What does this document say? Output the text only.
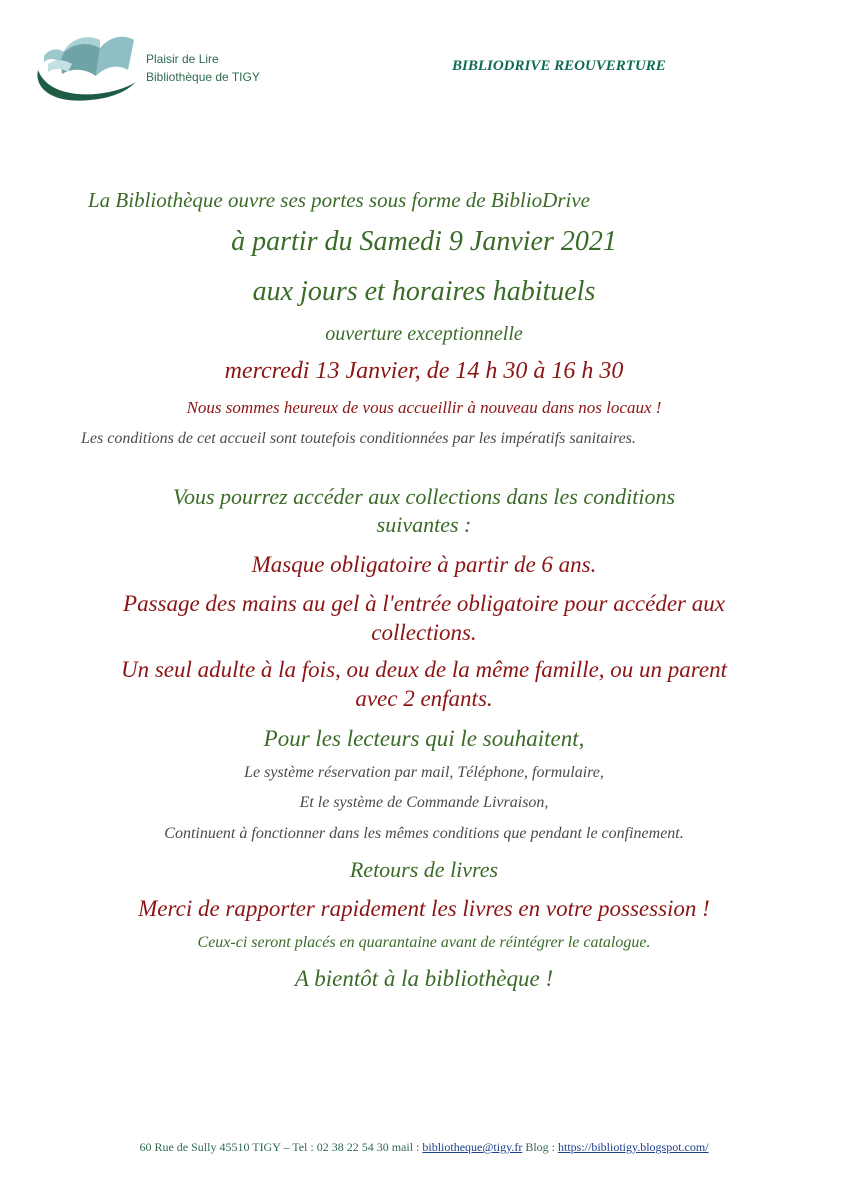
Plaisir de Lire
Bibliothèque de TIGY
BIBLIODRIVE REOUVERTURE
La Bibliothèque ouvre ses portes sous forme de BiblioDrive
à partir du Samedi 9 Janvier 2021
aux jours et horaires habituels
ouverture exceptionnelle
mercredi 13 Janvier, de 14 h 30 à 16 h 30
Nous sommes heureux de vous accueillir à nouveau dans nos locaux !
Les conditions de cet accueil sont toutefois conditionnées par les impératifs sanitaires.
Vous pourrez accéder aux collections dans les conditions
suivantes :
Masque obligatoire à partir de 6 ans.
Passage des mains au gel à l'entrée obligatoire pour accéder aux
collections.
Un seul adulte à la fois, ou deux de la même famille, ou un parent
avec 2 enfants.
Pour les lecteurs qui le souhaitent,
Le système réservation par mail, Téléphone, formulaire,
Et le système de Commande Livraison,
Continuent à fonctionner dans les mêmes conditions que pendant le confinement.
Retours de livres
Merci de rapporter rapidement les livres en votre possession !
Ceux-ci seront placés en quarantaine avant de réintégrer le catalogue.
A bientôt à la bibliothèque !
60 Rue de Sully 45510 TIGY – Tel : 02 38 22 54 30 mail : bibliotheque@tigy.fr Blog : https://bibliotigy.blogspot.com/
